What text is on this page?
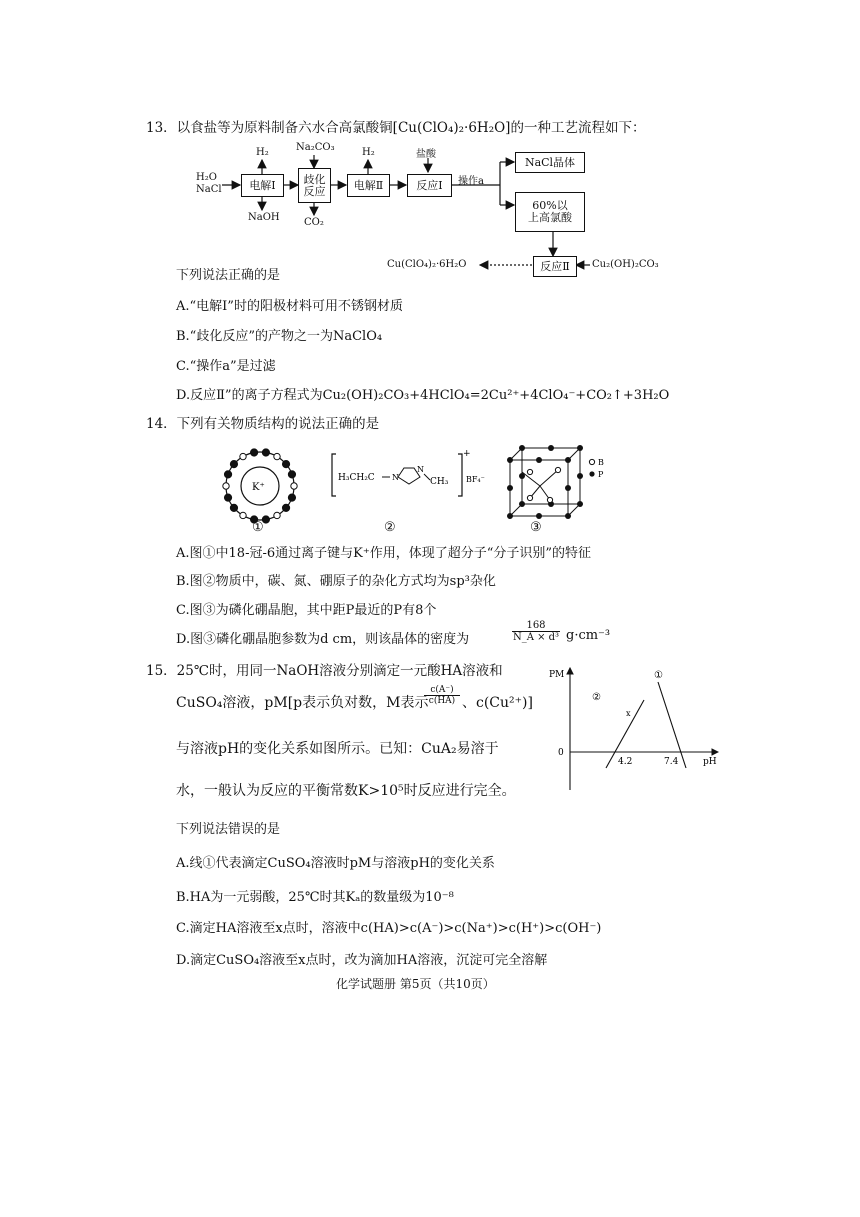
13．以食盐等为原料制备六水合高氯酸铜[Cu(ClO₄)₂·6H₂O]的一种工艺流程如下：
H₂O
NaCl	电解Ⅰ	歧化
反应	电解Ⅱ	反应Ⅰ
NaCl晶体
60%以
上高氯酸
反应Ⅱ
H₂
NaOH
Na₂CO₃
CO₂
H₂	盐酸
操作a
Cu(ClO₄)₂·6H₂O	Cu₂(OH)₂CO₃
下列说法正确的是
A.“电解Ⅰ”时的阳极材料可用不锈钢材质
B.“歧化反应”的产物之一为NaClO₄
C.“操作a”是过滤
D.反应Ⅱ”的离子方程式为Cu₂(OH)₂CO₃+4HClO₄=2Cu²⁺+4ClO₄⁻+CO₂↑+3H₂O
14．下列有关物质结构的说法正确的是
K⁺
①
H₃CH₂C N
N
CH₃
+
BF₄⁻
②
B
P
③
A.图①中18-冠-6通过离子键与K⁺作用，体现了超分子“分子识别”的特征
B.图②物质中，碳、氮、硼原子的杂化方式均为sp³杂化
C.图③为磷化硼晶胞，其中距P最近的P有8个
D.图③磷化硼晶胞参数为d cm，则该晶体的密度为	$\frac{168}{\text{N\_A × d³}} g\cdot cm^{-3}$
15．25℃时，用同一NaOH溶液分别滴定一元酸HA溶液和
CuSO₄溶液，pM[p表示负对数，M表示
$\frac{c(A^-)}{c(HA)}$ 、c(Cu²⁺)]
与溶液pH的变化关系如图所示。已知：CuA₂易溶于
水，一般认为反应的平衡常数K>10⁵时反应进行完全。
下列说法错误的是
PM
pH
0
4.2	7.4
①
②
x
A.线①代表滴定CuSO₄溶液时pM与溶液pH的变化关系
B.HA为一元弱酸，25℃时其Kₐ的数量级为10⁻⁸
C.滴定HA溶液至x点时，溶液中c(HA)>c(A⁻)>c(Na⁺)>c(H⁺)>c(OH⁻)
D.滴定CuSO₄溶液至x点时，改为滴加HA溶液，沉淀可完全溶解
化学试题册 第5页（共10页）
